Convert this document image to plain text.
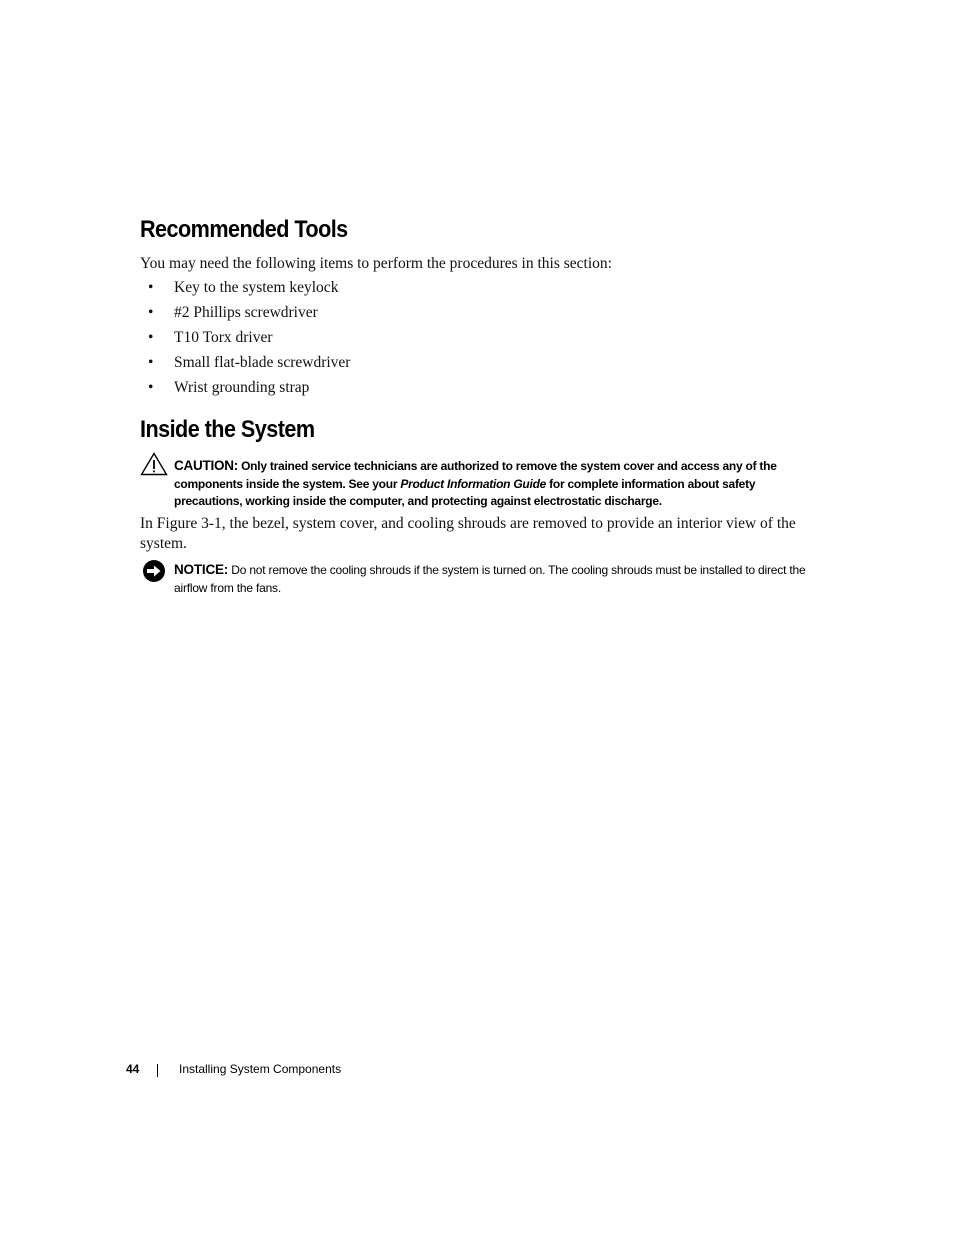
Recommended Tools

You may need the following items to perform the procedures in this section:

• Key to the system keylock
• #2 Phillips screwdriver
• T10 Torx driver
• Small flat-blade screwdriver
• Wrist grounding strap
Inside the System
CAUTION: Only trained service technicians are authorized to remove the system cover and access any of the components inside the system. See your Product Information Guide for complete information about safety precautions, working inside the computer, and protecting against electrostatic discharge.

In Figure 3-1, the bezel, system cover, and cooling shrouds are removed to provide an interior view of the system.

NOTICE: Do not remove the cooling shrouds if the system is turned on. The cooling shrouds must be installed to direct the airflow from the fans.
44	Installing System Components
